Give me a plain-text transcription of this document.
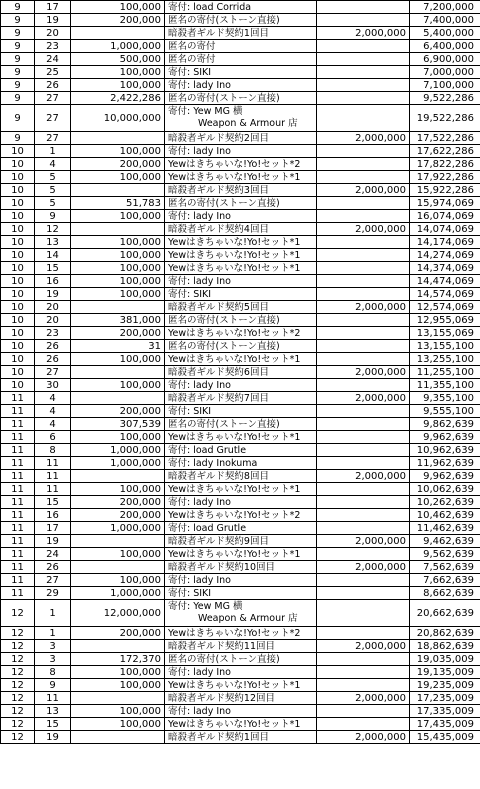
9	17	100,000	寄付: load Corrida		7,200,000
9	19	200,000	匿名の寄付(ストーン直接)		7,400,000
9	20		暗殺者ギルド契約1回目	2,000,000	5,400,000
9	23	1,000,000	匿名の寄付		6,400,000
9	24	500,000	匿名の寄付		6,900,000
9	25	100,000	寄付: SIKI		7,000,000
9	26	100,000	寄付: lady Ino		7,100,000
9	27	2,422,286	匿名の寄付(ストーン直接)		9,522,286
9	27	10,000,000	寄付: Yew MG 横
Weapon & Armour 店		19,522,286
9	27		暗殺者ギルド契約2回目	2,000,000	17,522,286
10	1	100,000	寄付: lady Ino		17,622,286
10	4	200,000	Yewはきちゃいな!Yo!セット*2		17,822,286
10	5	100,000	Yewはきちゃいな!Yo!セット*1		17,922,286
10	5		暗殺者ギルド契約3回目	2,000,000	15,922,286
10	5	51,783	匿名の寄付(ストーン直接)		15,974,069
10	9	100,000	寄付: lady Ino		16,074,069
10	12		暗殺者ギルド契約4回目	2,000,000	14,074,069
10	13	100,000	Yewはきちゃいな!Yo!セット*1		14,174,069
10	14	100,000	Yewはきちゃいな!Yo!セット*1		14,274,069
10	15	100,000	Yewはきちゃいな!Yo!セット*1		14,374,069
10	16	100,000	寄付: lady Ino		14,474,069
10	19	100,000	寄付: SIKI		14,574,069
10	20		暗殺者ギルド契約5回目	2,000,000	12,574,069
10	20	381,000	匿名の寄付(ストーン直接)		12,955,069
10	23	200,000	Yewはきちゃいな!Yo!セット*2		13,155,069
10	26	31	匿名の寄付(ストーン直接)		13,155,100
10	26	100,000	Yewはきちゃいな!Yo!セット*1		13,255,100
10	27		暗殺者ギルド契約6回目	2,000,000	11,255,100
10	30	100,000	寄付: lady Ino		11,355,100
11	4		暗殺者ギルド契約7回目	2,000,000	9,355,100
11	4	200,000	寄付: SIKI		9,555,100
11	4	307,539	匿名の寄付(ストーン直接)		9,862,639
11	6	100,000	Yewはきちゃいな!Yo!セット*1		9,962,639
11	8	1,000,000	寄付: load Grutle		10,962,639
11	11	1,000,000	寄付: lady Inokuma		11,962,639
11	11		暗殺者ギルド契約8回目	2,000,000	9,962,639
11	11	100,000	Yewはきちゃいな!Yo!セット*1		10,062,639
11	15	200,000	寄付: lady Ino		10,262,639
11	16	200,000	Yewはきちゃいな!Yo!セット*2		10,462,639
11	17	1,000,000	寄付: load Grutle		11,462,639
11	19		暗殺者ギルド契約9回目	2,000,000	9,462,639
11	24	100,000	Yewはきちゃいな!Yo!セット*1		9,562,639
11	26		暗殺者ギルド契約10回目	2,000,000	7,562,639
11	27	100,000	寄付: lady Ino		7,662,639
11	29	1,000,000	寄付: SIKI		8,662,639
12	1	12,000,000	寄付: Yew MG 横
Weapon & Armour 店		20,662,639
12	1	200,000	Yewはきちゃいな!Yo!セット*2		20,862,639
12	3		暗殺者ギルド契約11回目	2,000,000	18,862,639
12	3	172,370	匿名の寄付(ストーン直接)		19,035,009
12	8	100,000	寄付: lady Ino		19,135,009
12	9	100,000	Yewはきちゃいな!Yo!セット*1		19,235,009
12	11		暗殺者ギルド契約12回目	2,000,000	17,235,009
12	13	100,000	寄付: lady Ino		17,335,009
12	15	100,000	Yewはきちゃいな!Yo!セット*1		17,435,009
12	19		暗殺者ギルド契約1回目	2,000,000	15,435,009
